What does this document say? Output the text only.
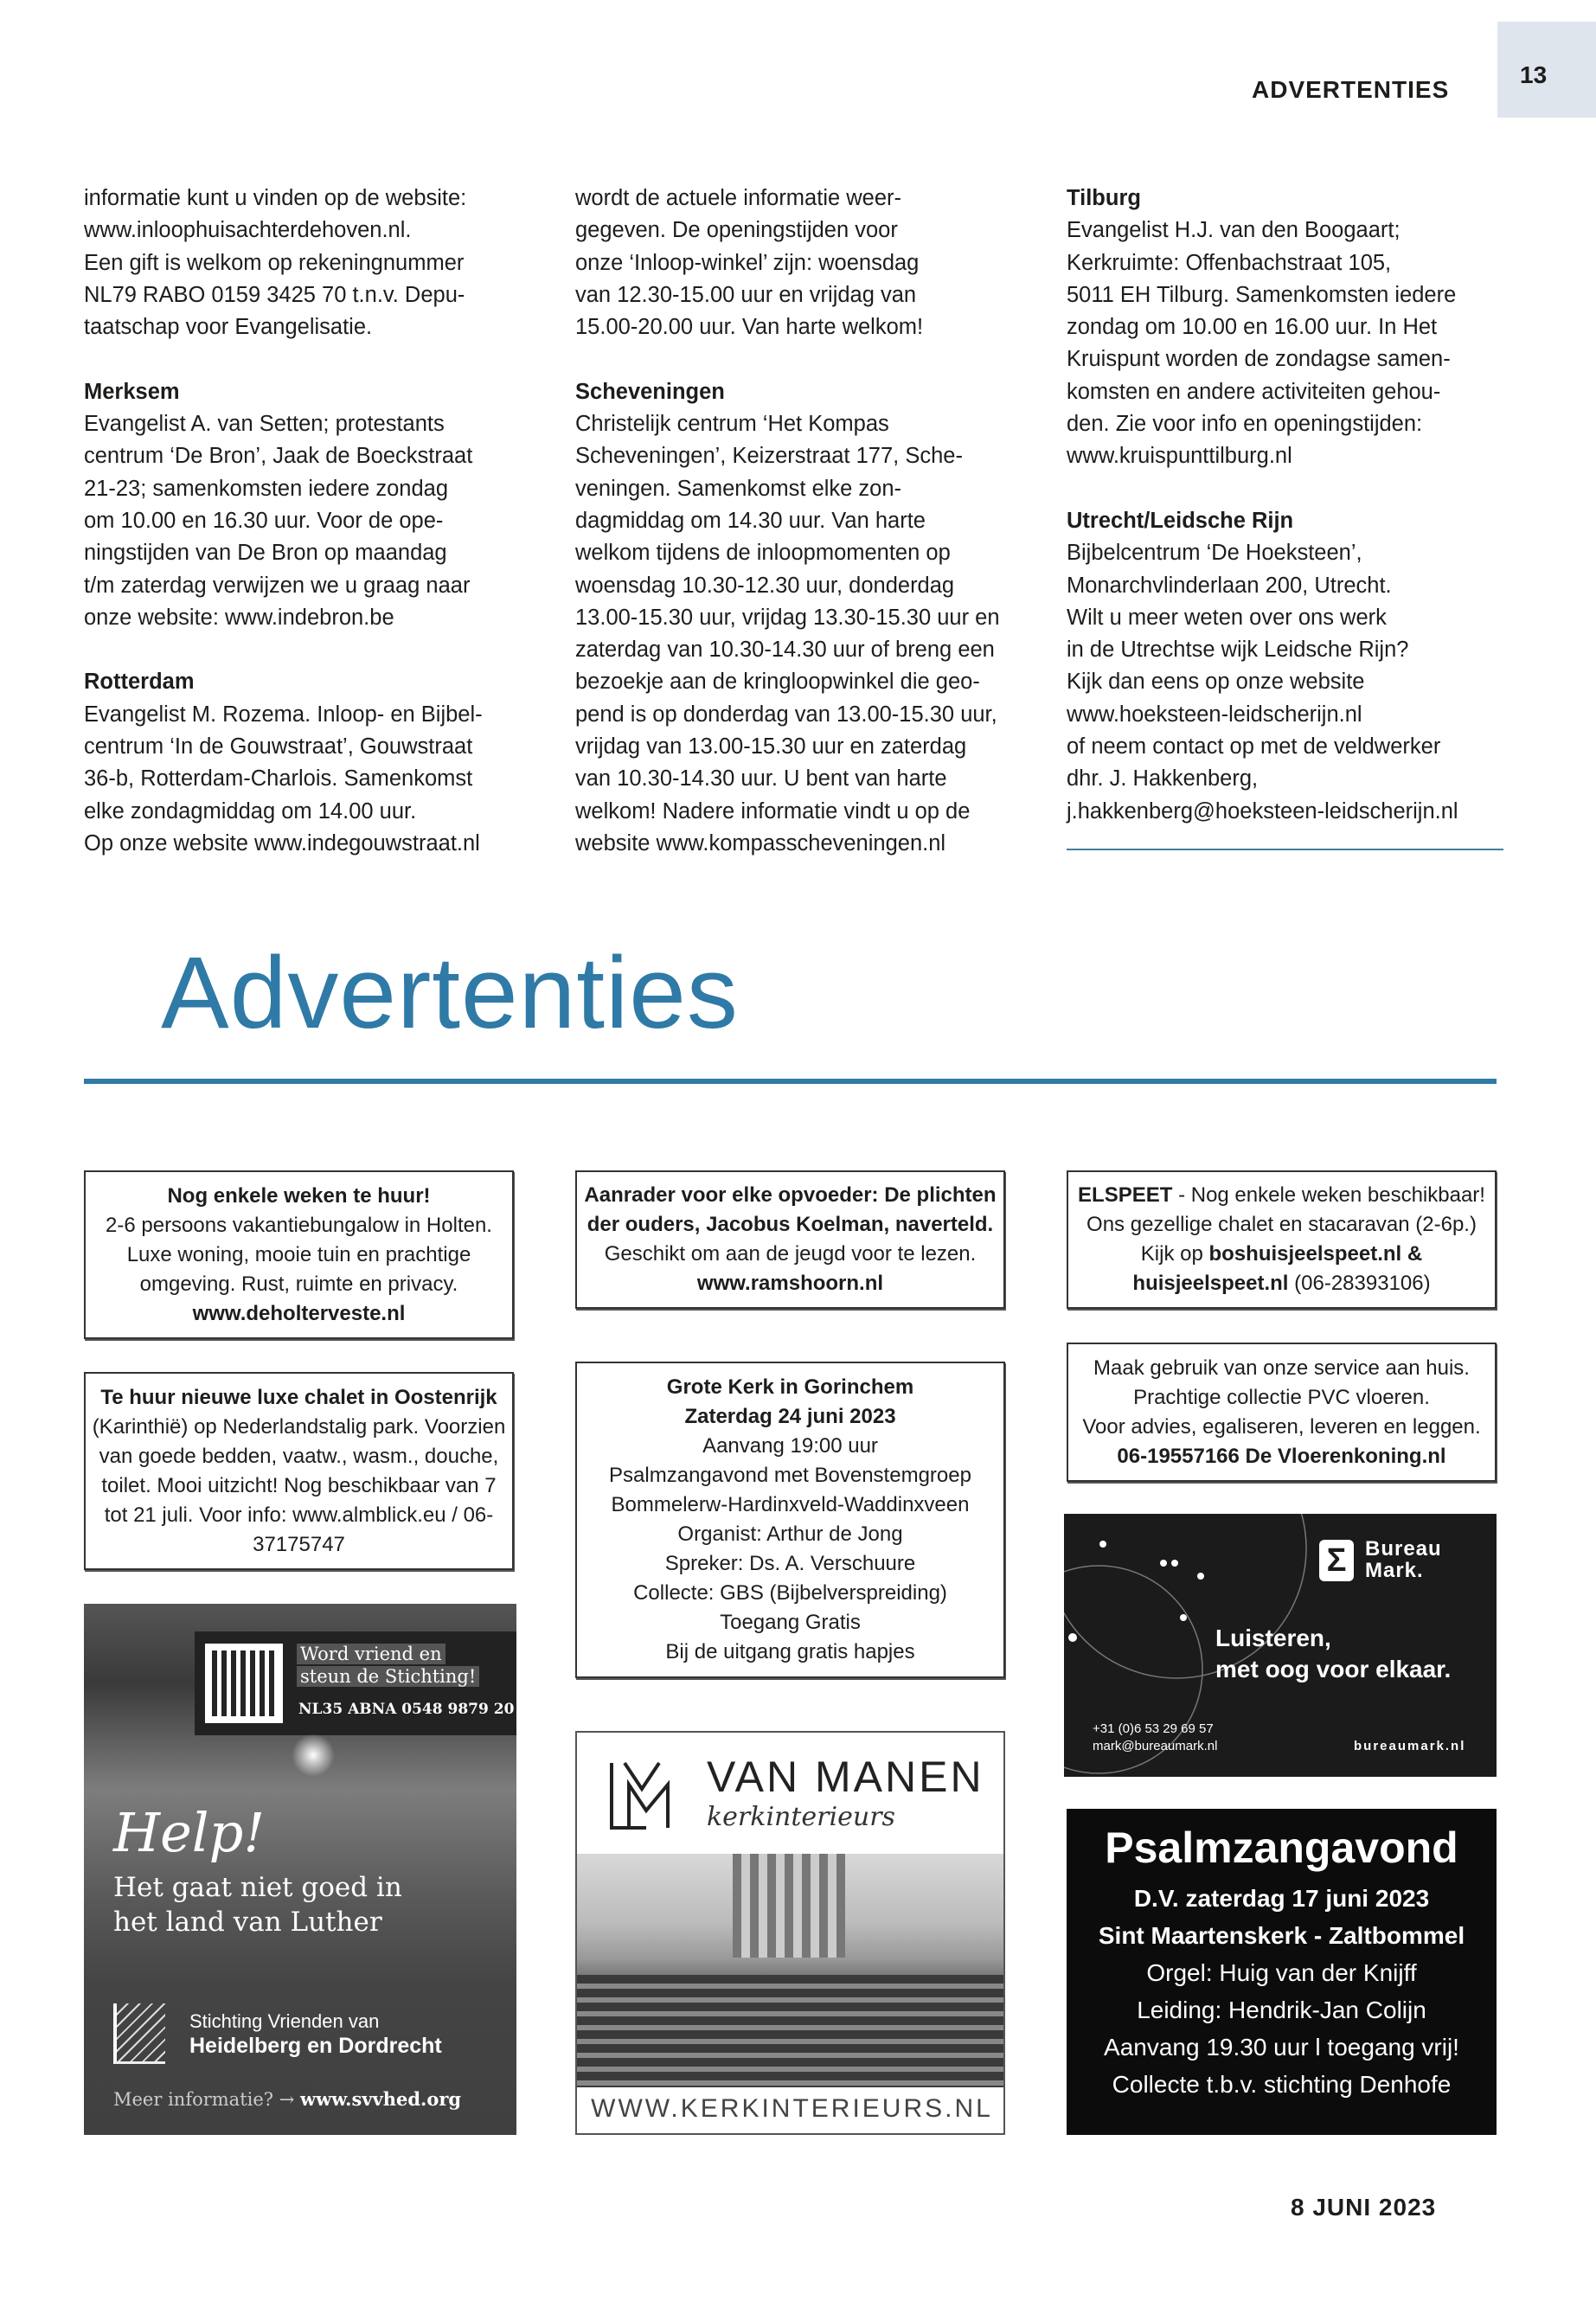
ADVERTENTIES
13

informatie kunt u vinden op de website:
www.inloophuisachterdehoven.nl.
Een gift is welkom op rekeningnummer
NL79 RABO 0159 3425 70 t.n.v. Depu-
taatschap voor Evangelisatie.

Merksem
Evangelist A. van Setten; protestants
centrum ‘De Bron’, Jaak de Boeckstraat
21-23; samenkomsten iedere zondag
om 10.00 en 16.30 uur. Voor de ope-
ningstijden van De Bron op maandag
t/m zaterdag verwijzen we u graag naar
onze website: www.indebron.be

Rotterdam
Evangelist M. Rozema. Inloop- en Bijbel-
centrum ‘In de Gouwstraat’, Gouwstraat
36-b, Rotterdam-Charlois. Samenkomst
elke zondagmiddag om 14.00 uur.
Op onze website www.indegouwstraat.nl

wordt de actuele informatie weer-
gegeven. De openingstijden voor
onze ‘Inloop-winkel’ zijn: woensdag
van 12.30-15.00 uur en vrijdag van
15.00-20.00 uur. Van harte welkom!

Scheveningen
Christelijk centrum ‘Het Kompas
Scheveningen’, Keizerstraat 177, Sche-
veningen. Samenkomst elke zon-
dagmiddag om 14.30 uur. Van harte
welkom tijdens de inloopmomenten op
woensdag 10.30-12.30 uur, donderdag
13.00-15.30 uur, vrijdag 13.30-15.30 uur en
zaterdag van 10.30-14.30 uur of breng een
bezoekje aan de kringloopwinkel die geo-
pend is op donderdag van 13.00-15.30 uur,
vrijdag van 13.00-15.30 uur en zaterdag
van 10.30-14.30 uur. U bent van harte
welkom! Nadere informatie vindt u op de
website www.kompasscheveningen.nl

Tilburg
Evangelist H.J. van den Boogaart;
Kerkruimte: Offenbachstraat 105,
5011 EH Tilburg. Samenkomsten iedere
zondag om 10.00 en 16.00 uur. In Het
Kruispunt worden de zondagse samen-
komsten en andere activiteiten gehou-
den. Zie voor info en openingstijden:
www.kruispunttilburg.nl

Utrecht/Leidsche Rijn
Bijbelcentrum ‘De Hoeksteen’,
Monarchvlinderlaan 200, Utrecht.
Wilt u meer weten over ons werk
in de Utrechtse wijk Leidsche Rijn?
Kijk dan eens op onze website
www.hoeksteen-leidscherijn.nl
of neem contact op met de veldwerker
dhr. J. Hakkenberg,
j.hakkenberg@hoeksteen-leidscherijn.nl

Advertenties
Nog enkele weken te huur!
2-6 persoons vakantiebungalow in Holten. Luxe woning, mooie tuin en prachtige omgeving. Rust, ruimte en privacy. www.deholterveste.nl
Aanrader voor elke opvoeder: De plichten der ouders, Jacobus Koelman, naverteld. Geschikt om aan de jeugd voor te lezen. www.ramshoorn.nl
ELSPEET - Nog enkele weken beschikbaar! Ons gezellige chalet en stacaravan (2-6p.) Kijk op boshuisjeelspeet.nl & huisjeelspeet.nl (06-28393106)
Te huur nieuwe luxe chalet in Oostenrijk
(Karinthië) op Nederlandstalig park. Voorzien van goede bedden, vaatw., wasm., douche, toilet. Mooi uitzicht! Nog beschikbaar van 7 tot 21 juli. Voor info: www.almblick.eu / 06-37175747
Grote Kerk in Gorinchem
Zaterdag 24 juni 2023
Aanvang 19:00 uur
Psalmzangavond met Bovenstemgroep
Bommelerw-Hardinxveld-Waddinxveen
Organist: Arthur de Jong
Spreker: Ds. A. Verschuure
Collecte: GBS (Bijbelverspreiding)
Toegang Gratis
Bij de uitgang gratis hapjes
Maak gebruik van onze service aan huis.
Prachtige collectie PVC vloeren.
Voor advies, egaliseren, leveren en leggen.
06-19557166 De Vloerenkoning.nl
Ʃ Bureau Mark.
Luisteren,
met oog voor elkaar.
+31 (0)6 53 29 69 57
mark@bureaumark.nl	bureaumark.nl
Word vriend en
steun de Stichting!
NL35 ABNA 0548 9879 20
Help!
Het gaat niet goed in
het land van Luther
Stichting Vrienden van
Heidelberg en Dordrecht
Meer informatie? → www.svvhed.org
VAN MANEN
kerkinterieurs
WWW.KERKINTERIEURS.NL
Psalmzangavond
D.V. zaterdag 17 juni 2023
Sint Maartenskerk - Zaltbommel
Orgel: Huig van der Knijff
Leiding: Hendrik-Jan Colijn
Aanvang 19.30 uur l toegang vrij!
Collecte t.b.v. stichting Denhofe
8 JUNI 2023
